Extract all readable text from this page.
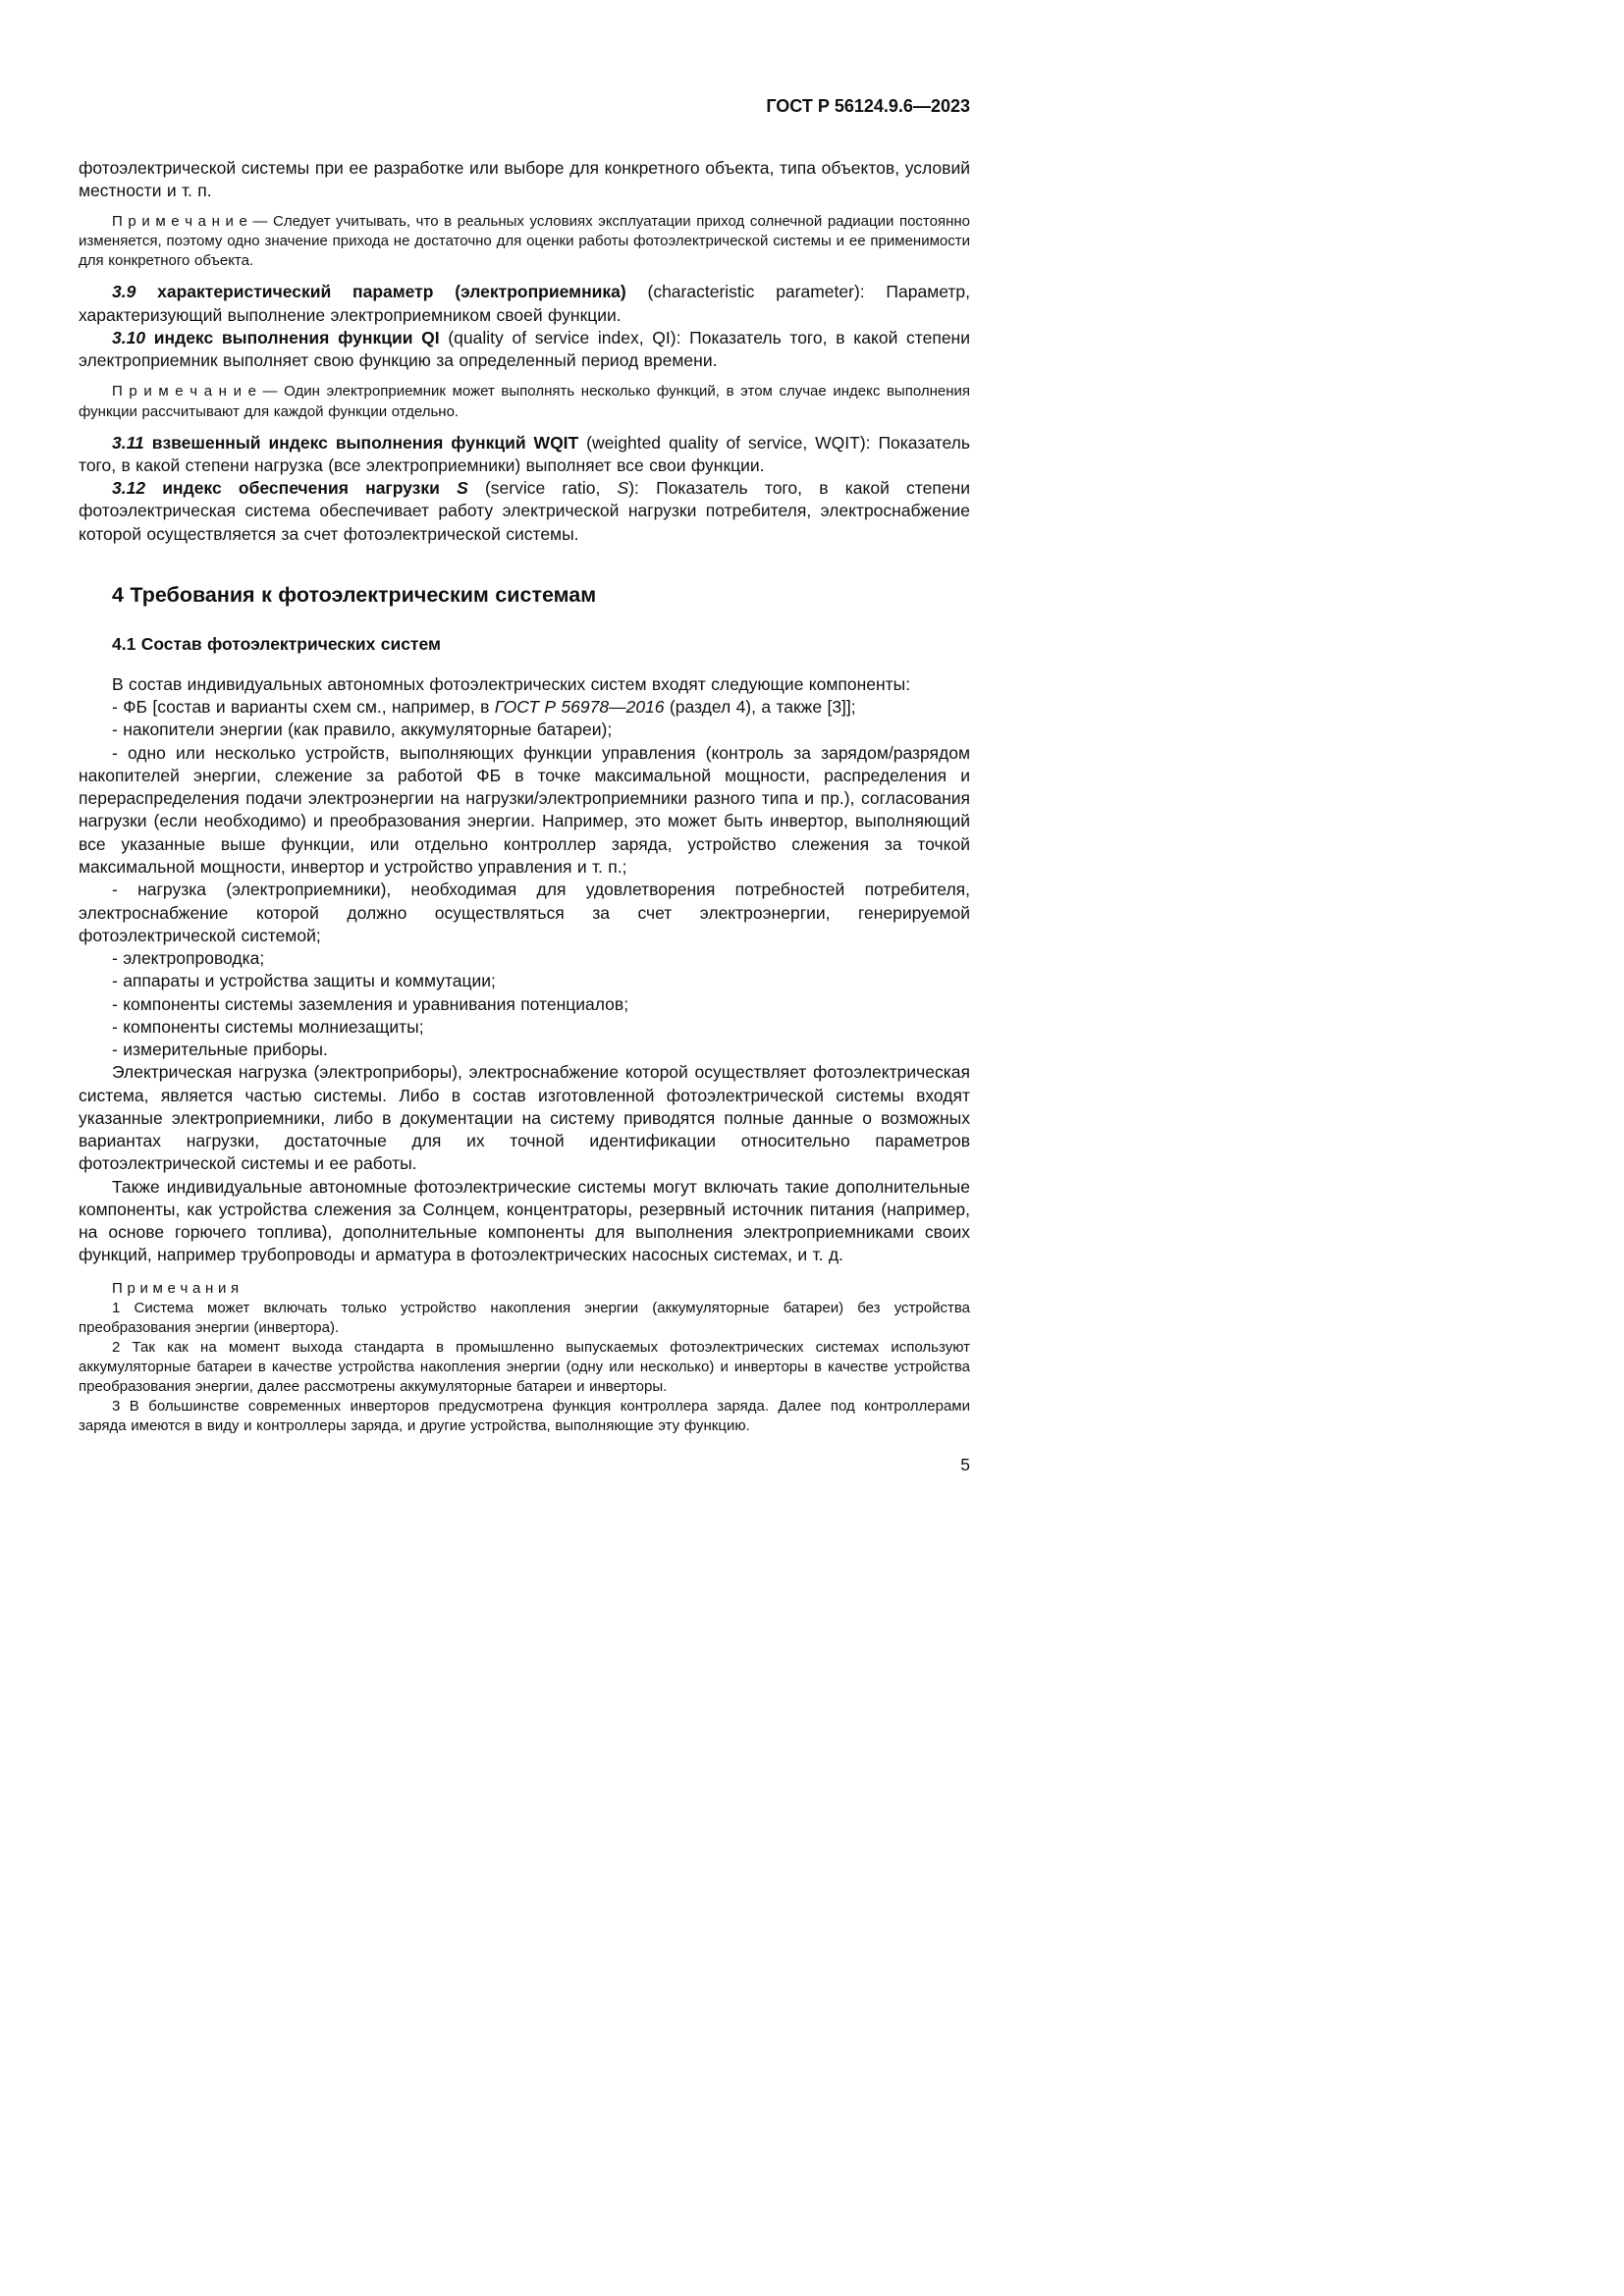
ГОСТ Р 56124.9.6—2023

фотоэлектрической системы при ее разработке или выборе для конкретного объекта, типа объектов, условий местности и т. п.

П р и м е ч а н и е — Следует учитывать, что в реальных условиях эксплуатации приход солнечной радиации постоянно изменяется, поэтому одно значение прихода не достаточно для оценки работы фотоэлектрической системы и ее применимости для конкретного объекта.

3.9 характеристический параметр (электроприемника) (characteristic parameter): Параметр, характеризующий выполнение электроприемником своей функции.

3.10 индекс выполнения функции QI (quality of service index, QI): Показатель того, в какой степени электроприемник выполняет свою функцию за определенный период времени.

П р и м е ч а н и е — Один электроприемник может выполнять несколько функций, в этом случае индекс выполнения функции рассчитывают для каждой функции отдельно.

3.11 взвешенный индекс выполнения функций WQIT (weighted quality of service, WQIT): Показатель того, в какой степени нагрузка (все электроприемники) выполняет все свои функции.

3.12 индекс обеспечения нагрузки S (service ratio, S): Показатель того, в какой степени фотоэлектрическая система обеспечивает работу электрической нагрузки потребителя, электроснабжение которой осуществляется за счет фотоэлектрической системы.

4 Требования к фотоэлектрическим системам

4.1 Состав фотоэлектрических систем

В состав индивидуальных автономных фотоэлектрических систем входят следующие компоненты:

- ФБ [состав и варианты схем см., например, в ГОСТ Р 56978—2016 (раздел 4), а также [3]];

- накопители энергии (как правило, аккумуляторные батареи);

- одно или несколько устройств, выполняющих функции управления (контроль за зарядом/разрядом накопителей энергии, слежение за работой ФБ в точке максимальной мощности, распределения и перераспределения подачи электроэнергии на нагрузки/электроприемники разного типа и пр.), согласования нагрузки (если необходимо) и преобразования энергии. Например, это может быть инвертор, выполняющий все указанные выше функции, или отдельно контроллер заряда, устройство слежения за точкой максимальной мощности, инвертор и устройство управления и т. п.;

- нагрузка (электроприемники), необходимая для удовлетворения потребностей потребителя, электроснабжение которой должно осуществляться за счет электроэнергии, генерируемой фотоэлектрической системой;

- электропроводка;

- аппараты и устройства защиты и коммутации;

- компоненты системы заземления и уравнивания потенциалов;

- компоненты системы молниезащиты;

- измерительные приборы.

Электрическая нагрузка (электроприборы), электроснабжение которой осуществляет фотоэлектрическая система, является частью системы. Либо в состав изготовленной фотоэлектрической системы входят указанные электроприемники, либо в документации на систему приводятся полные данные о возможных вариантах нагрузки, достаточные для их точной идентификации относительно параметров фотоэлектрической системы и ее работы.

Также индивидуальные автономные фотоэлектрические системы могут включать такие дополнительные компоненты, как устройства слежения за Солнцем, концентраторы, резервный источник питания (например, на основе горючего топлива), дополнительные компоненты для выполнения электроприемниками своих функций, например трубопроводы и арматура в фотоэлектрических насосных системах, и т. д.

П р и м е ч а н и я

1 Система может включать только устройство накопления энергии (аккумуляторные батареи) без устройства преобразования энергии (инвертора).

2 Так как на момент выхода стандарта в промышленно выпускаемых фотоэлектрических системах используют аккумуляторные батареи в качестве устройства накопления энергии (одну или несколько) и инверторы в качестве устройства преобразования энергии, далее рассмотрены аккумуляторные батареи и инверторы.

3 В большинстве современных инверторов предусмотрена функция контроллера заряда. Далее под контроллерами заряда имеются в виду и контроллеры заряда, и другие устройства, выполняющие эту функцию.

5
